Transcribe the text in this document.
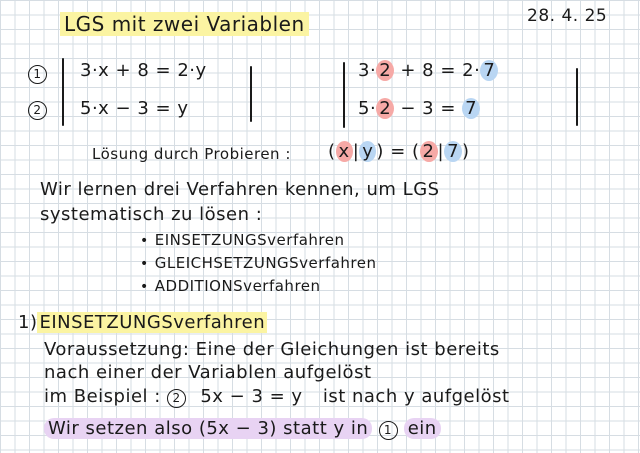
LGS mit zwei Variablen	28. 4. 25
1
2
3·x + 8 = 2·y
5·x − 3 = y
3· 2 + 8 = 2· 7
5· 2 − 3 = 7
Lösung durch Probieren : ( x | y ) = ( 2 | 7 )
Wir lernen drei Verfahren kennen, um LGS
systematisch zu lösen :
• EINSETZUNGSverfahren
• GLEICHSETZUNGSverfahren
• ADDITIONSverfahren
1) EINSETZUNGSverfahren
Voraussetzung: Eine der Gleichungen ist bereits
nach einer der Variablen aufgelöst
im Beispiel : 2 5x − 3 = y ist nach y aufgelöst
Wir setzen also (5x − 3) statt y in 1 ein
